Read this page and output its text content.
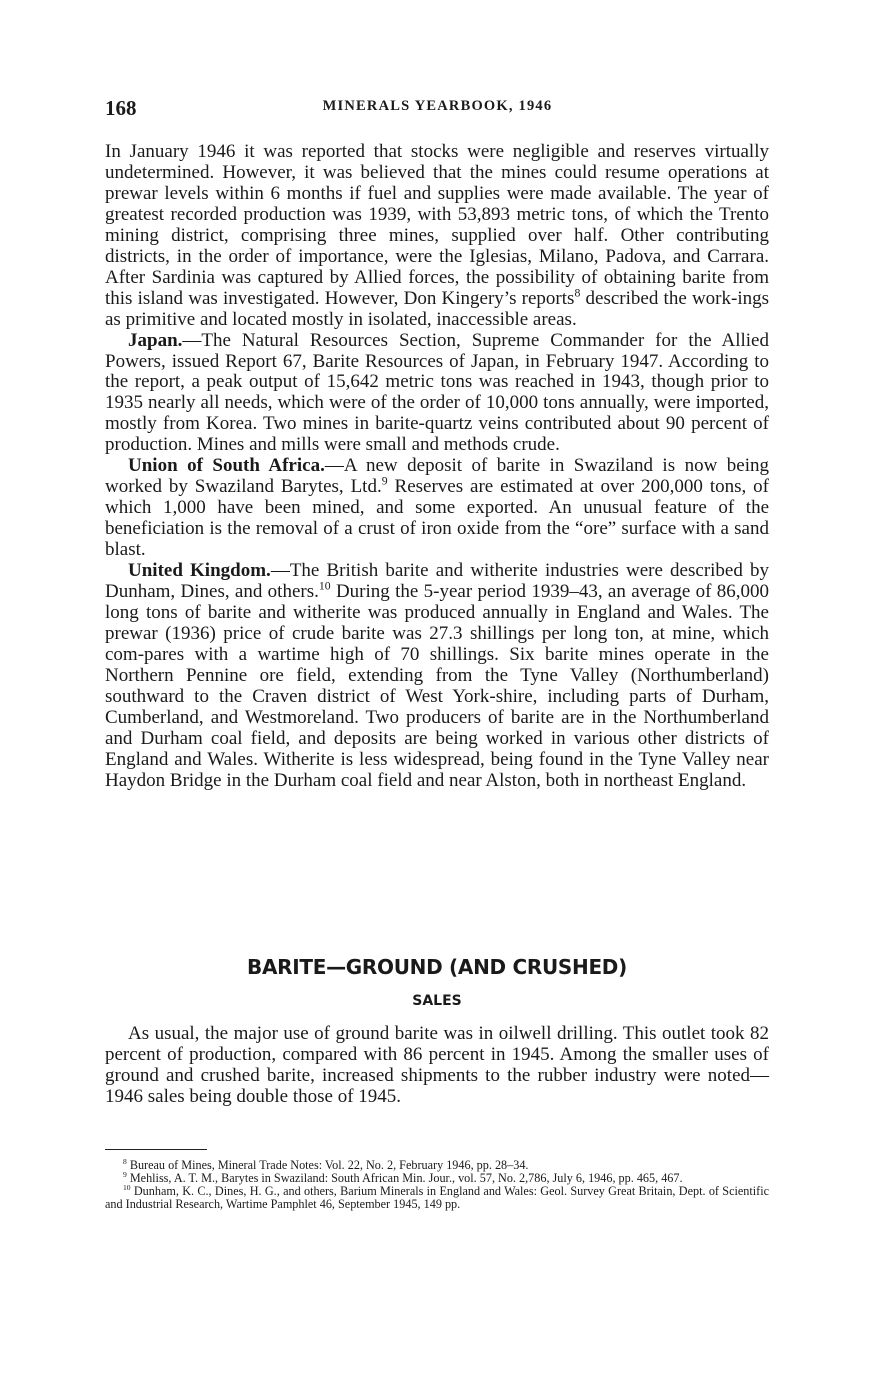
168	MINERALS YEARBOOK, 1946

In January 1946 it was reported that stocks were negligible and reserves virtually undetermined. However, it was believed that the mines could resume operations at prewar levels within 6 months if fuel and supplies were made available. The year of greatest recorded production was 1939, with 53,893 metric tons, of which the Trento mining district, comprising three mines, supplied over half. Other contributing districts, in the order of importance, were the Iglesias, Milano, Padova, and Carrara. After Sardinia was captured by Allied forces, the possibility of obtaining barite from this island was investigated. However, Don Kingery’s reports$^8$ described the work-ings as primitive and located mostly in isolated, inaccessible areas.

Japan.—The Natural Resources Section, Supreme Commander for the Allied Powers, issued Report 67, Barite Resources of Japan, in February 1947. According to the report, a peak output of 15,642 metric tons was reached in 1943, though prior to 1935 nearly all needs, which were of the order of 10,000 tons annually, were imported, mostly from Korea. Two mines in barite-quartz veins contributed about 90 percent of production. Mines and mills were small and methods crude.

Union of South Africa.—A new deposit of barite in Swaziland is now being worked by Swaziland Barytes, Ltd.$^9$ Reserves are estimated at over 200,000 tons, of which 1,000 have been mined, and some exported. An unusual feature of the beneficiation is the removal of a crust of iron oxide from the “ore” surface with a sand blast.

United Kingdom.—The British barite and witherite industries were described by Dunham, Dines, and others.$^{10}$ During the 5-year period 1939–43, an average of 86,000 long tons of barite and witherite was produced annually in England and Wales. The prewar (1936) price of crude barite was 27.3 shillings per long ton, at mine, which com-pares with a wartime high of 70 shillings. Six barite mines operate in the Northern Pennine ore field, extending from the Tyne Valley (Northumberland) southward to the Craven district of West York-shire, including parts of Durham, Cumberland, and Westmoreland. Two producers of barite are in the Northumberland and Durham coal field, and deposits are being worked in various other districts of England and Wales. Witherite is less widespread, being found in the Tyne Valley near Haydon Bridge in the Durham coal field and near Alston, both in northeast England.

BARITE—GROUND (AND CRUSHED)
SALES

As usual, the major use of ground barite was in oilwell drilling. This outlet took 82 percent of production, compared with 86 percent in 1945. Among the smaller uses of ground and crushed barite, increased shipments to the rubber industry were noted—1946 sales being double those of 1945.

$^8$ Bureau of Mines, Mineral Trade Notes: Vol. 22, No. 2, February 1946, pp. 28–34.

$^9$ Mehliss, A. T. M., Barytes in Swaziland: South African Min. Jour., vol. 57, No. 2,786, July 6, 1946, pp. 465, 467.

$^{10}$ Dunham, K. C., Dines, H. G., and others, Barium Minerals in England and Wales: Geol. Survey Great Britain, Dept. of Scientific and Industrial Research, Wartime Pamphlet 46, September 1945, 149 pp.
